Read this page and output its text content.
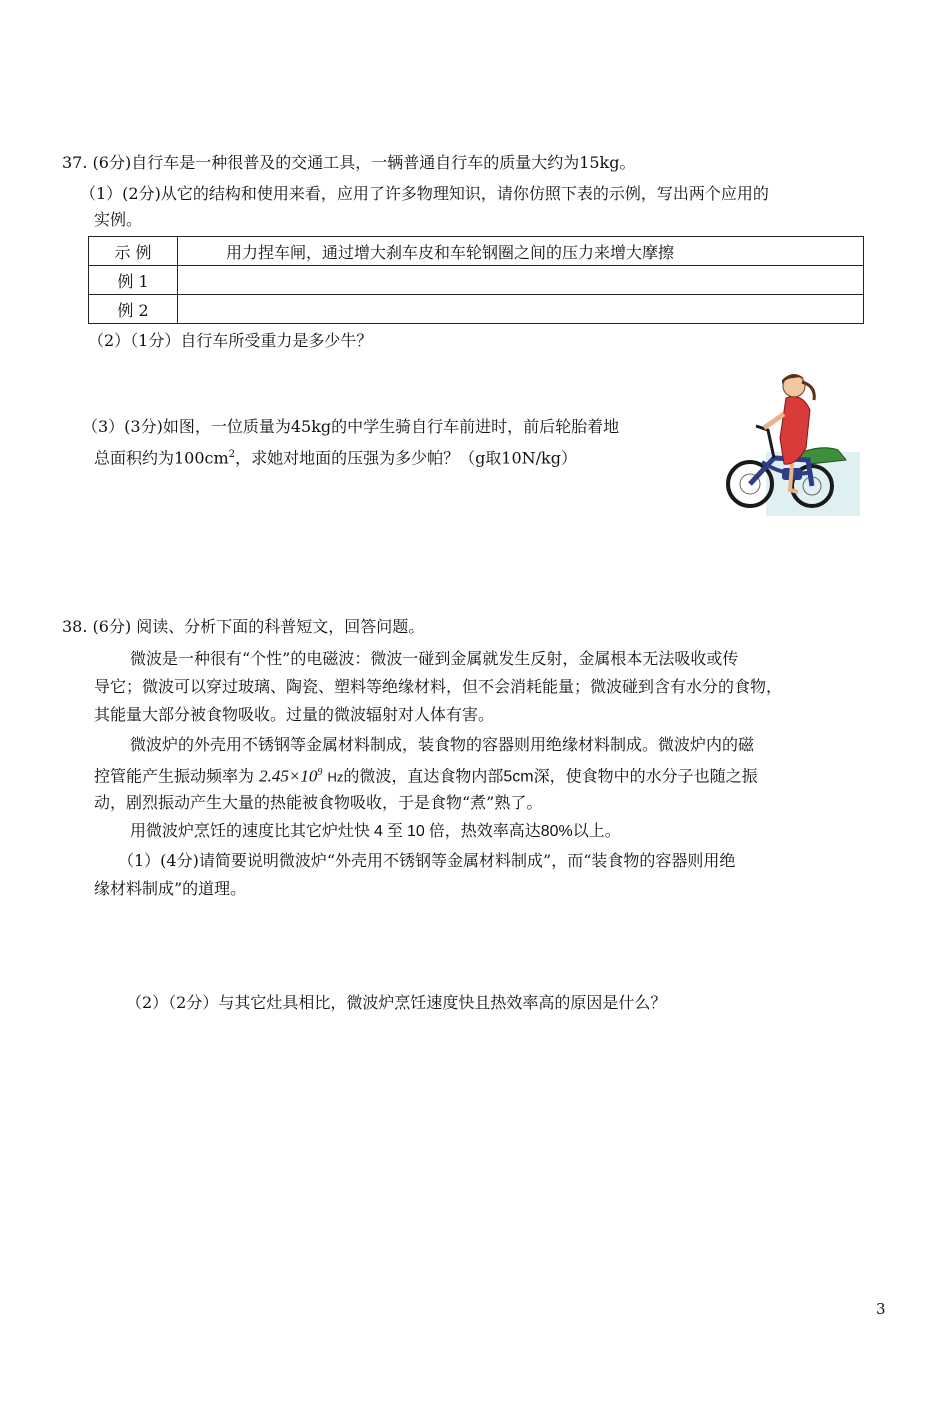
37. (6分)自行车是一种很普及的交通工具，一辆普通自行车的质量大约为15kg。
（1）(2分)从它的结构和使用来看，应用了许多物理知识，请你仿照下表的示例，写出两个应用的
实例。
示 例	用力捏车闸，通过增大刹车皮和车轮钢圈之间的压力来增大摩擦
例 1	
例 2	
（2）（1分）自行车所受重力是多少牛？
（3）(3分)如图，一位质量为45kg的中学生骑自行车前进时，前后轮胎着地
总面积约为$100cm^2$，求她对地面的压强为多少帕？（g取10N/kg）
38. (6分) 阅读、分析下面的科普短文，回答问题。
微波是一种很有“个性”的电磁波：微波一碰到金属就发生反射，金属根本无法吸收或传
导它；微波可以穿过玻璃、陶瓷、塑料等绝缘材料，但不会消耗能量；微波碰到含有水分的食物，
其能量大部分被食物吸收。过量的微波辐射对人体有害。
微波炉的外壳用不锈钢等金属材料制成，装食物的容器则用绝缘材料制成。微波炉内的磁
控管能产生振动频率为 $2.45\times 10^9$ Hz的微波，直达食物内部5cm深，使食物中的水分子也随之振
动，剧烈振动产生大量的热能被食物吸收，于是食物“煮”熟了。
用微波炉烹饪的速度比其它炉灶快 4 至 10 倍，热效率高达80%以上。
（1）(4分)请简要说明微波炉“外壳用不锈钢等金属材料制成”，而“装食物的容器则用绝
缘材料制成”的道理。
（2）（2分）与其它灶具相比，微波炉烹饪速度快且热效率高的原因是什么？
3
